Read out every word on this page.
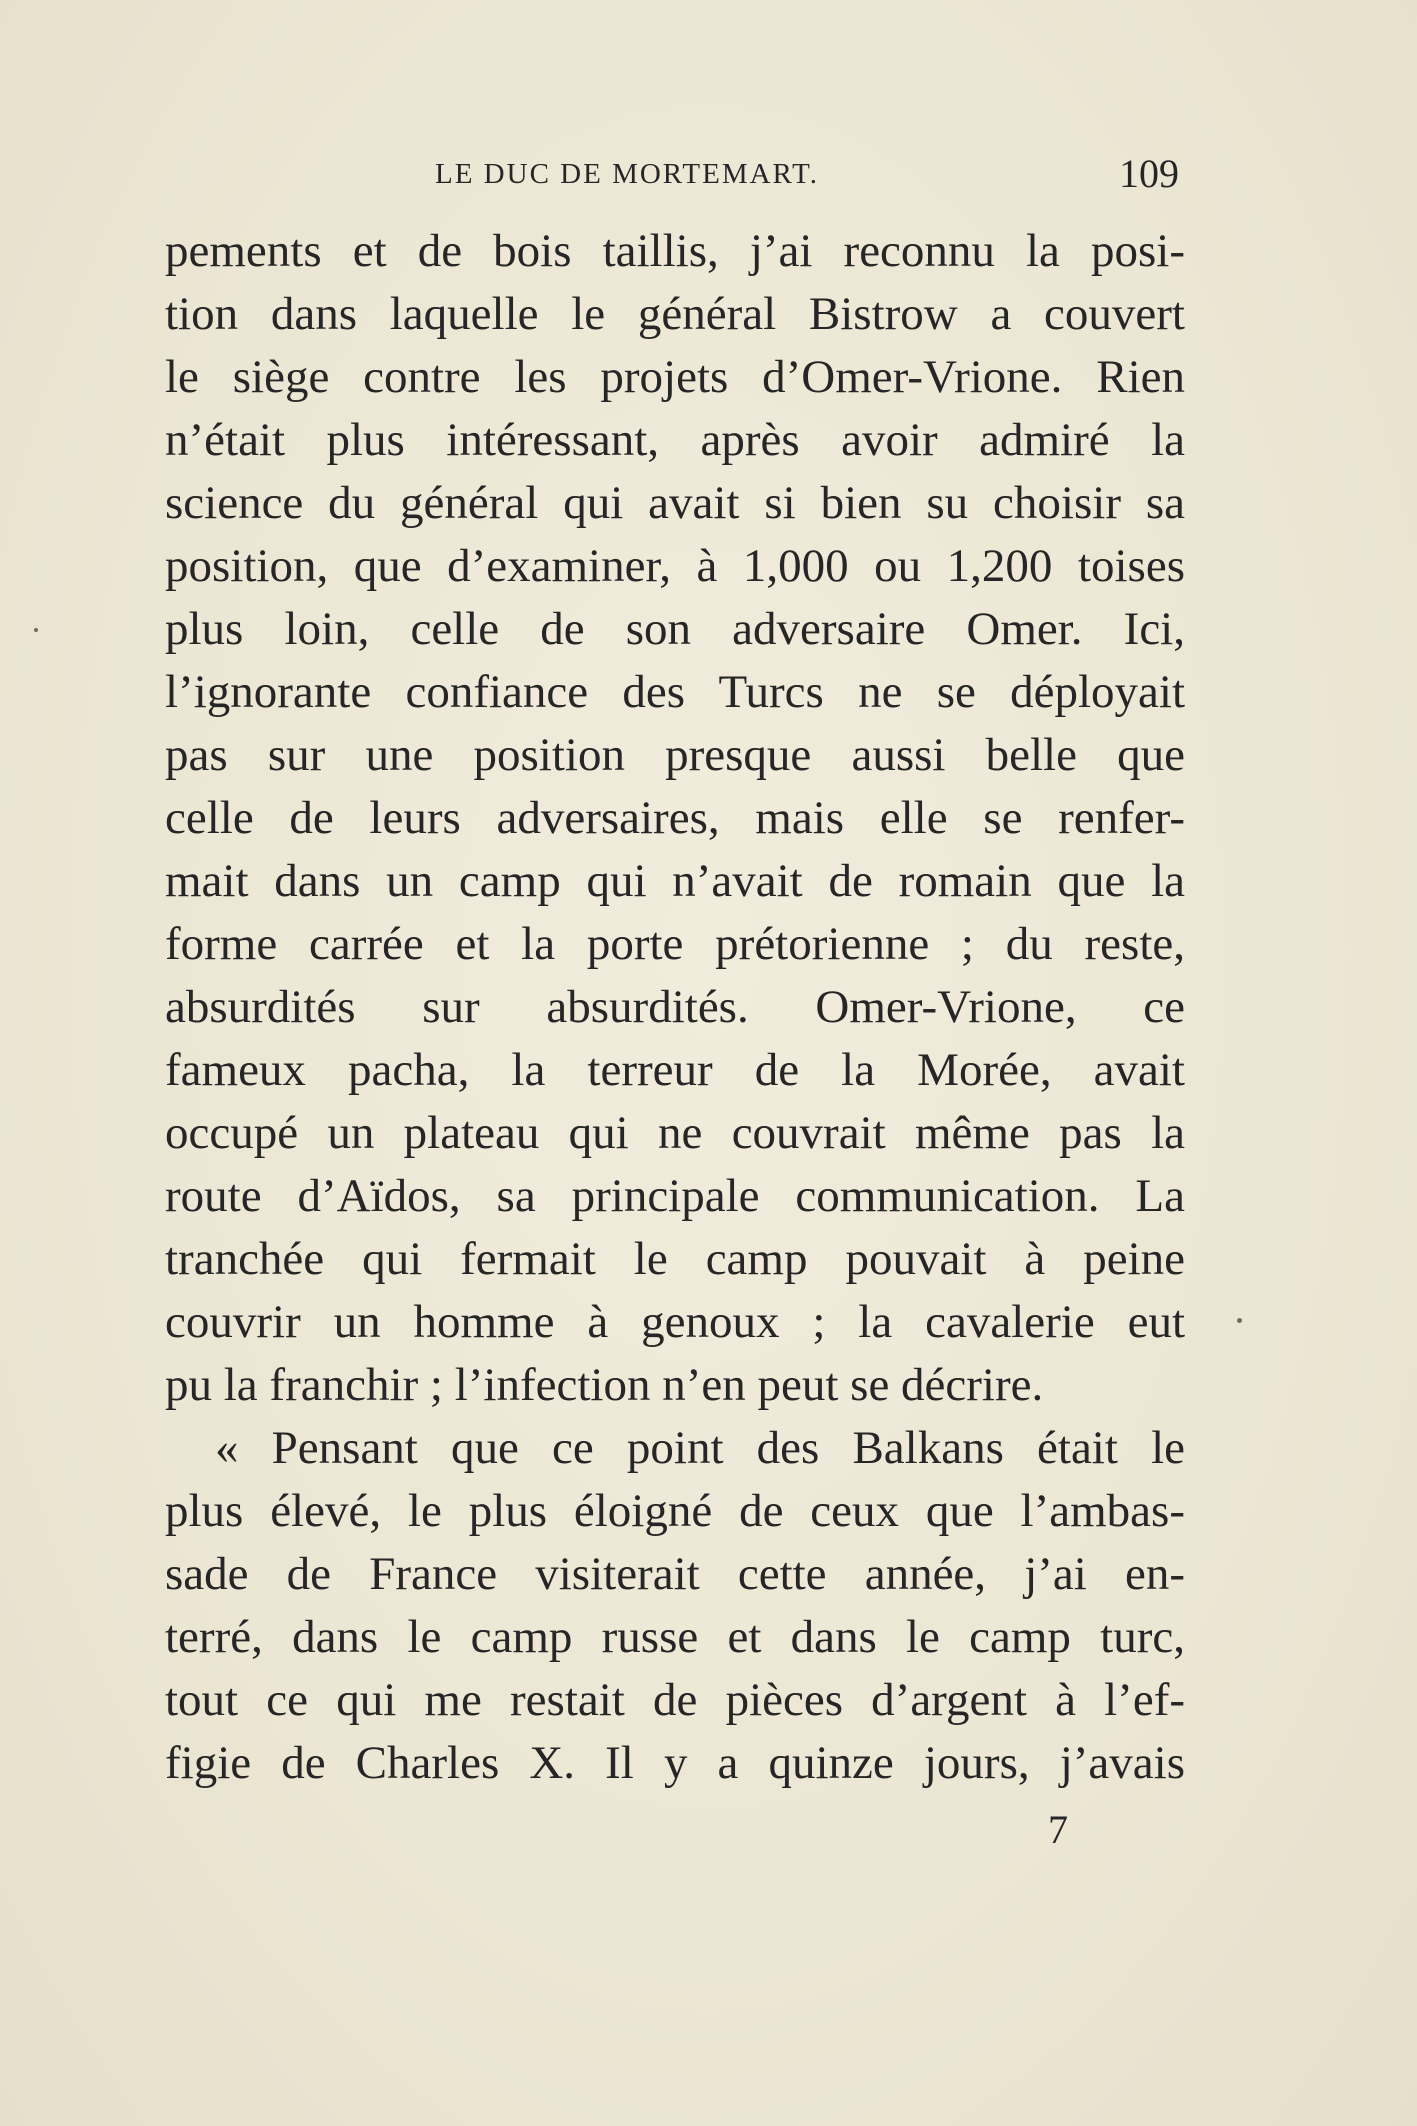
LE DUC DE MORTEMART.	109
pements et de bois taillis, j’ai reconnu la posi-
tion dans laquelle le général Bistrow a couvert
le siège contre les projets d’Omer-Vrione. Rien
n’était plus intéressant, après avoir admiré la
science du général qui avait si bien su choisir sa
position, que d’examiner, à 1,000 ou 1,200 toises
plus loin, celle de son adversaire Omer. Ici,
l’ignorante confiance des Turcs ne se déployait
pas sur une position presque aussi belle que
celle de leurs adversaires, mais elle se renfer-
mait dans un camp qui n’avait de romain que la
forme carrée et la porte prétorienne ; du reste,
absurdités sur absurdités. Omer-Vrione, ce
fameux pacha, la terreur de la Morée, avait
occupé un plateau qui ne couvrait même pas la
route d’Aïdos, sa principale communication. La
tranchée qui fermait le camp pouvait à peine
couvrir un homme à genoux ; la cavalerie eut
pu la franchir ; l’infection n’en peut se décrire.
« Pensant que ce point des Balkans était le
plus élevé, le plus éloigné de ceux que l’ambas-
sade de France visiterait cette année, j’ai en-
terré, dans le camp russe et dans le camp turc,
tout ce qui me restait de pièces d’argent à l’ef-
figie de Charles X. Il y a quinze jours, j’avais
7
